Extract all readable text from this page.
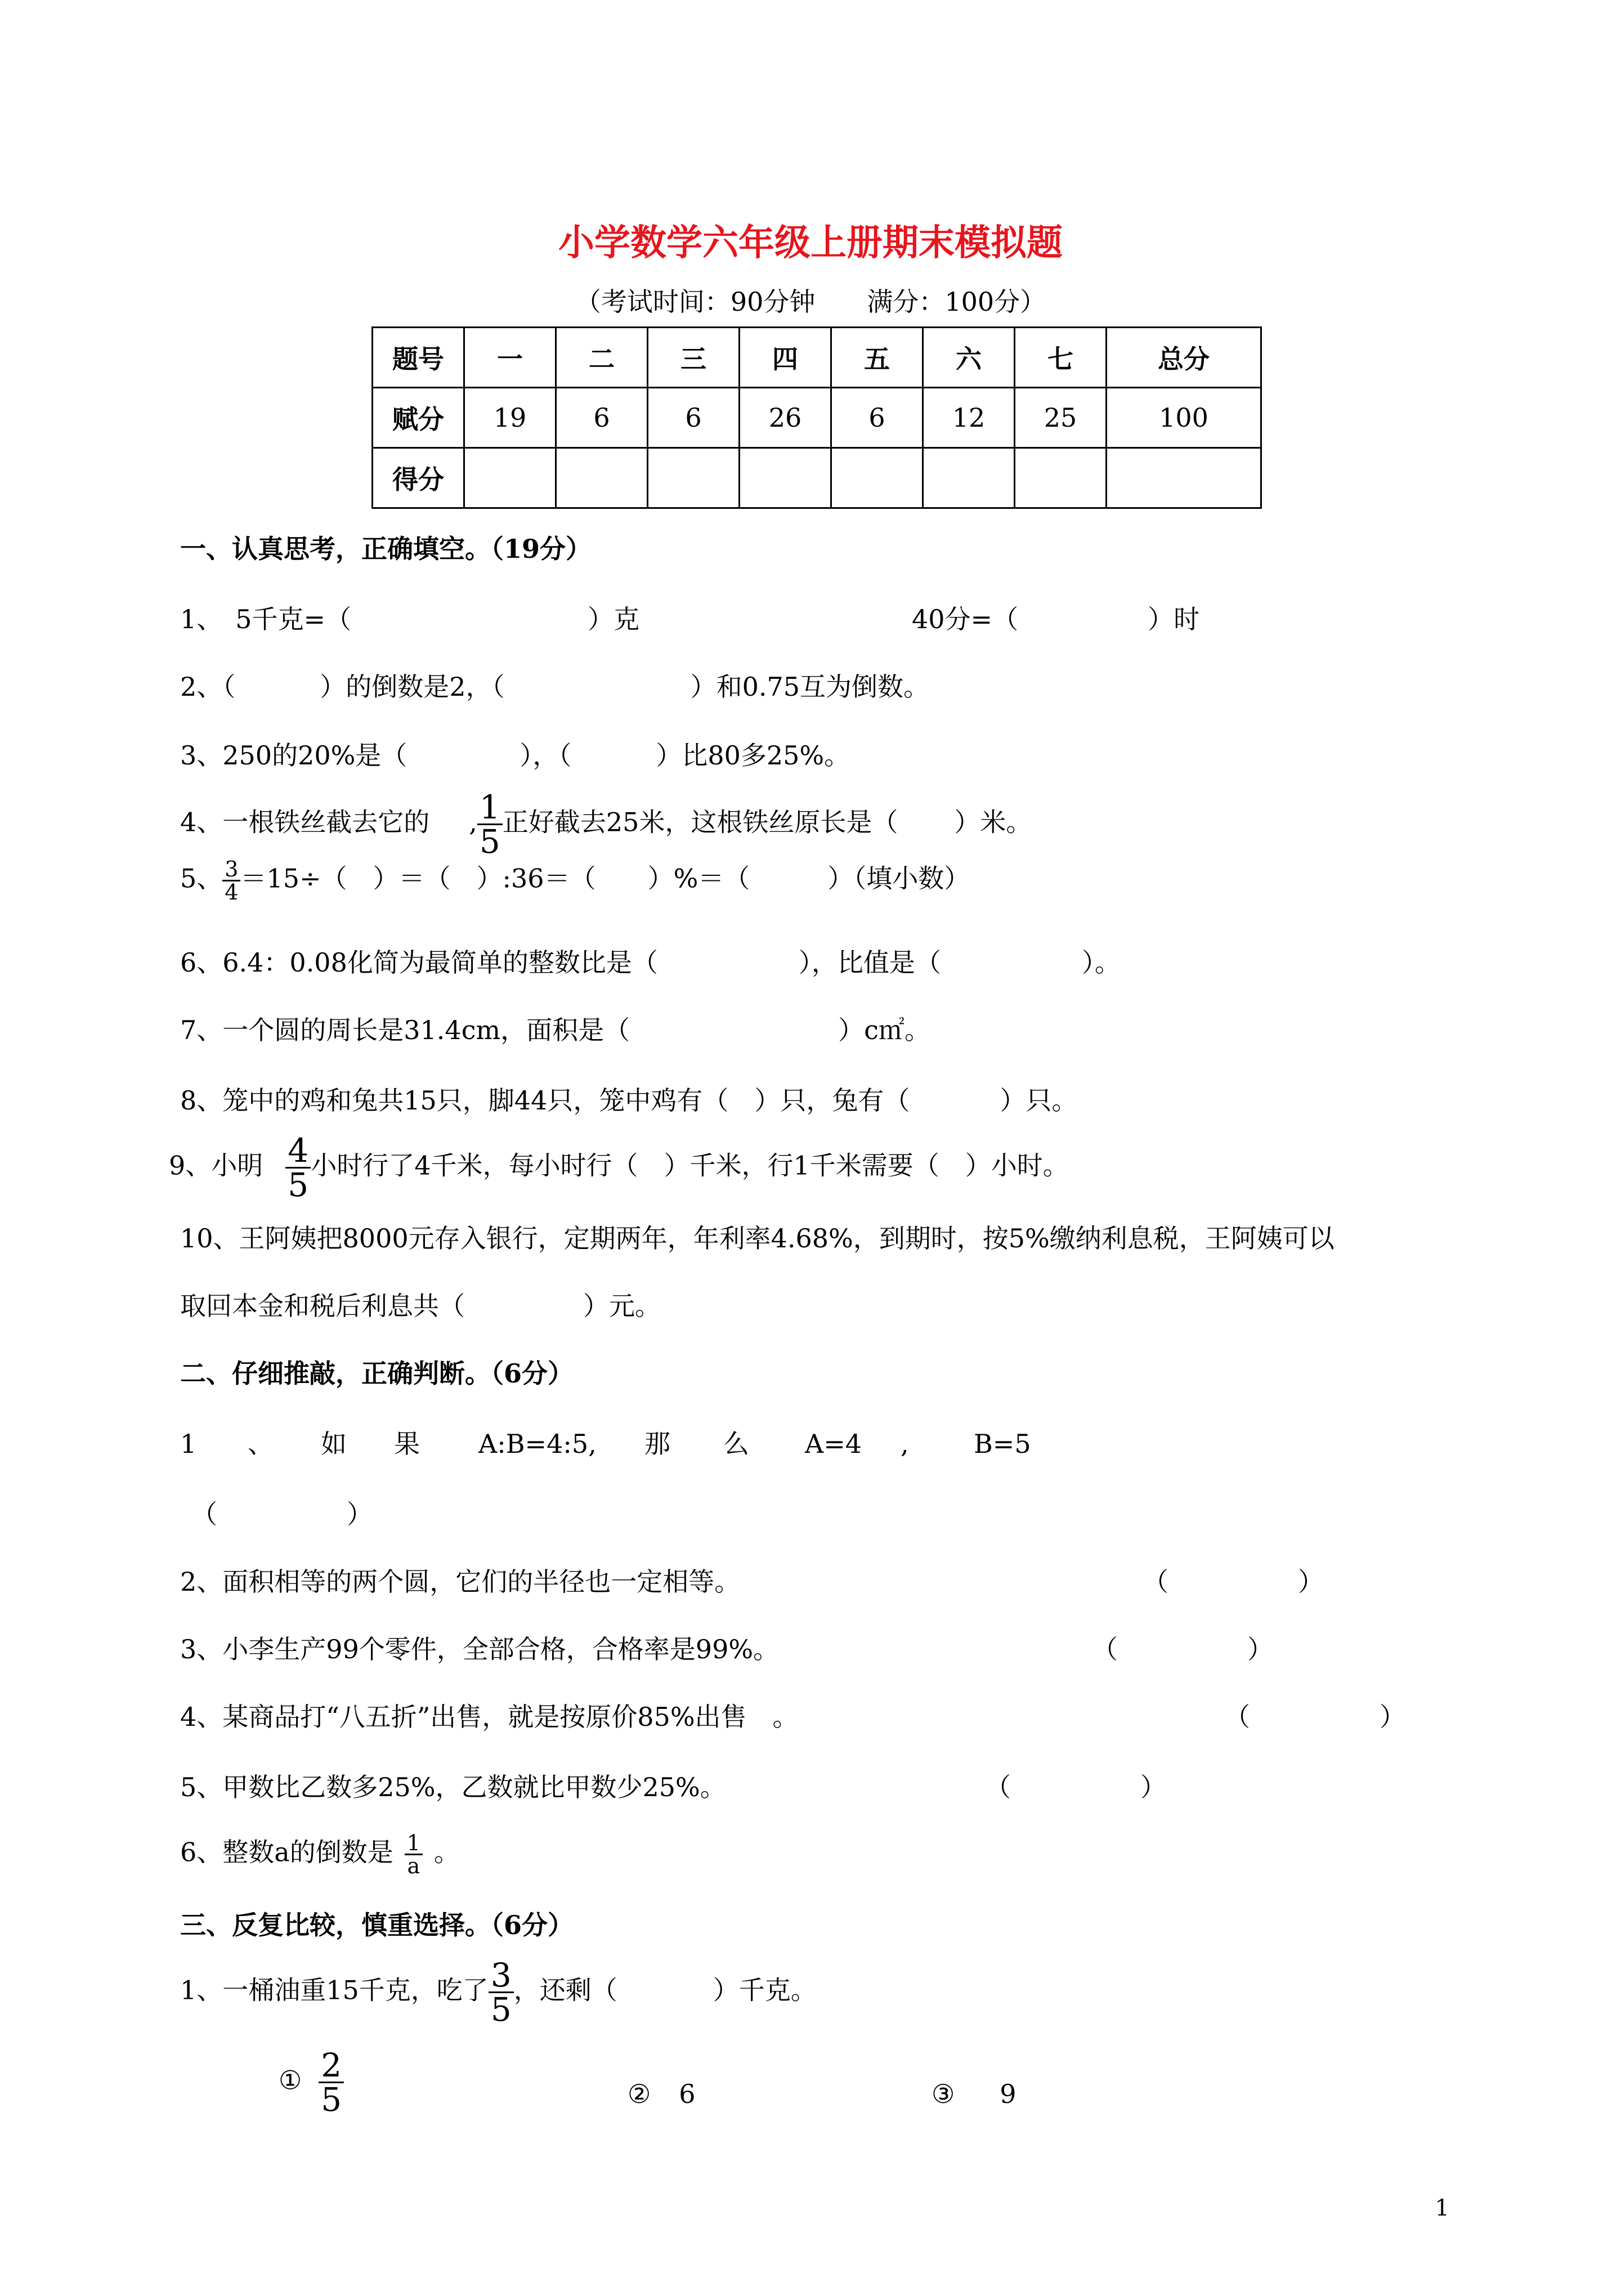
小学数学六年级上册期末模拟题
（考试时间：90分钟　　满分：100分）
题号	一	二	三	四	五	六	七	总分
赋分	19	6	6	26	6	12	25	100
得分								
一、认真思考，正确填空。（19分）
1、　5千克=（	）克	40分=（	）时
2、（	）的倒数是2，（	）和0.75互为倒数。
3、250的20%是（	），（	）比80多25%。
4、一根铁丝截去它的 , $\frac{1}{5}$ 正好截去25米，这根铁丝原长是（ ）米。
5、 $\frac{3}{4} =15\div$（　）＝（　）:36＝（　　）%＝（　　　）（填小数）
6、6.4：0.08化简为最简单的整数比是（	），比值是（	）。
7、一个圆的周长是31.4cm，面积是（	）c㎡。
8、笼中的鸡和兔共15只，脚44只，笼中鸡有（　）只，兔有（	）只。
9、小明 $\frac{4}{5}$ 小时行了4千米，每小时行（　）千米，行1千米需要（　）小时。
10、王阿姨把8000元存入银行，定期两年，年利率4.68%，到期时，按5%缴纳利息税，王阿姨可以
取回本金和税后利息共（	）元。
二、仔细推敲，正确判断。（6分）
1 、 如 果 A:B=4:5, 那 么 A=4 ,	B=5
（	）
2、面积相等的两个圆，它们的半径也一定相等。	（	）
3、小李生产99个零件，全部合格，合格率是99%。	（	）
4、某商品打“八五折”出售，就是按原价85%出售　。	（	）
5、甲数比乙数多25%，乙数就比甲数少25%。	（	）
6、整数a的倒数是 $\frac{1}{a}$ 。
三、反复比较，慎重选择。（6分）
1、一桶油重15千克，吃了 $\frac{3}{5}$ ，还剩（	）千克。
① $\frac{2}{5}$	② 6	③ 9
1
